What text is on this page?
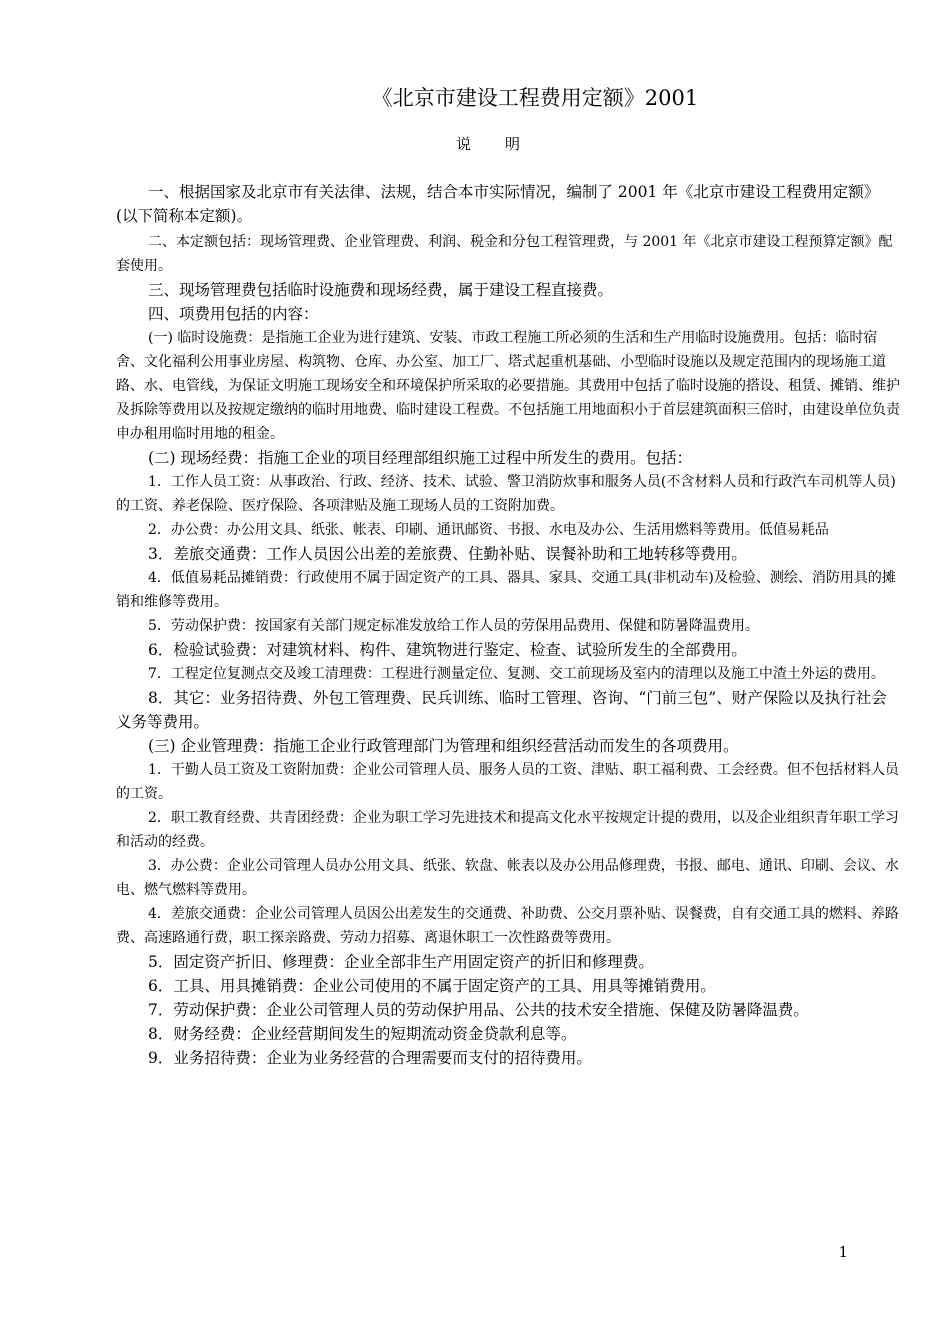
《北京市建设工程费用定额》2001
说明

一、根据国家及北京市有关法律、法规，结合本市实际情况，编制了 2001 年《北京市建设工程费用定额》(以下简称本定额)。

二、本定额包括：现场管理费、企业管理费、利润、税金和分包工程管理费，与 2001 年《北京市建设工程预算定额》配套使用。

三、现场管理费包括临时设施费和现场经费，属于建设工程直接费。

四、项费用包括的内容：

(一) 临时设施费：是指施工企业为进行建筑、安装、市政工程施工所必须的生活和生产用临时设施费用。包括：临时宿舍、文化福利公用事业房屋、构筑物、仓库、办公室、加工厂、塔式起重机基础、小型临时设施以及规定范围内的现场施工道路、水、电管线，为保证文明施工现场安全和环境保护所采取的必要措施。其费用中包括了临时设施的搭设、租赁、摊销、维护及拆除等费用以及按规定缴纳的临时用地费、临时建设工程费。不包括施工用地面积小于首层建筑面积三倍时，由建设单位负责申办租用临时用地的租金。

(二) 现场经费：指施工企业的项目经理部组织施工过程中所发生的费用。包括：

1．工作人员工资：从事政治、行政、经济、技术、试验、警卫消防炊事和服务人员(不含材料人员和行政汽车司机等人员)的工资、养老保险、医疗保险、各项津贴及施工现场人员的工资附加费。

2．办公费：办公用文具、纸张、帐表、印刷、通讯邮资、书报、水电及办公、生活用燃料等费用。低值易耗品

3．差旅交通费：工作人员因公出差的差旅费、住勤补贴、误餐补助和工地转移等费用。

4．低值易耗品摊销费：行政使用不属于固定资产的工具、器具、家具、交通工具(非机动车)及检验、测绘、消防用具的摊销和维修等费用。

5．劳动保护费：按国家有关部门规定标准发放给工作人员的劳保用品费用、保健和防暑降温费用。

6．检验试验费：对建筑材料、构件、建筑物进行鉴定、检查、试验所发生的全部费用。

7．工程定位复测点交及竣工清理费：工程进行测量定位、复测、交工前现场及室内的清理以及施工中渣土外运的费用。

8．其它：业务招待费、外包工管理费、民兵训练、临时工管理、咨询、“门前三包”、财产保险以及执行社会义务等费用。

(三) 企业管理费：指施工企业行政管理部门为管理和组织经营活动而发生的各项费用。

1．干勤人员工资及工资附加费：企业公司管理人员、服务人员的工资、津贴、职工福利费、工会经费。但不包括材料人员的工资。

2．职工教育经费、共青团经费：企业为职工学习先进技术和提高文化水平按规定计提的费用，以及企业组织青年职工学习和活动的经费。

3．办公费：企业公司管理人员办公用文具、纸张、软盘、帐表以及办公用品修理费，书报、邮电、通讯、印刷、会议、水电、燃气燃料等费用。

4．差旅交通费：企业公司管理人员因公出差发生的交通费、补助费、公交月票补贴、误餐费，自有交通工具的燃料、养路费、高速路通行费，职工探亲路费、劳动力招募、离退休职工一次性路费等费用。

5．固定资产折旧、修理费：企业全部非生产用固定资产的折旧和修理费。

6．工具、用具摊销费：企业公司使用的不属于固定资产的工具、用具等摊销费用。

7．劳动保护费：企业公司管理人员的劳动保护用品、公共的技术安全措施、保健及防暑降温费。

8．财务经费：企业经营期间发生的短期流动资金贷款利息等。

9．业务招待费：企业为业务经营的合理需要而支付的招待费用。

1
